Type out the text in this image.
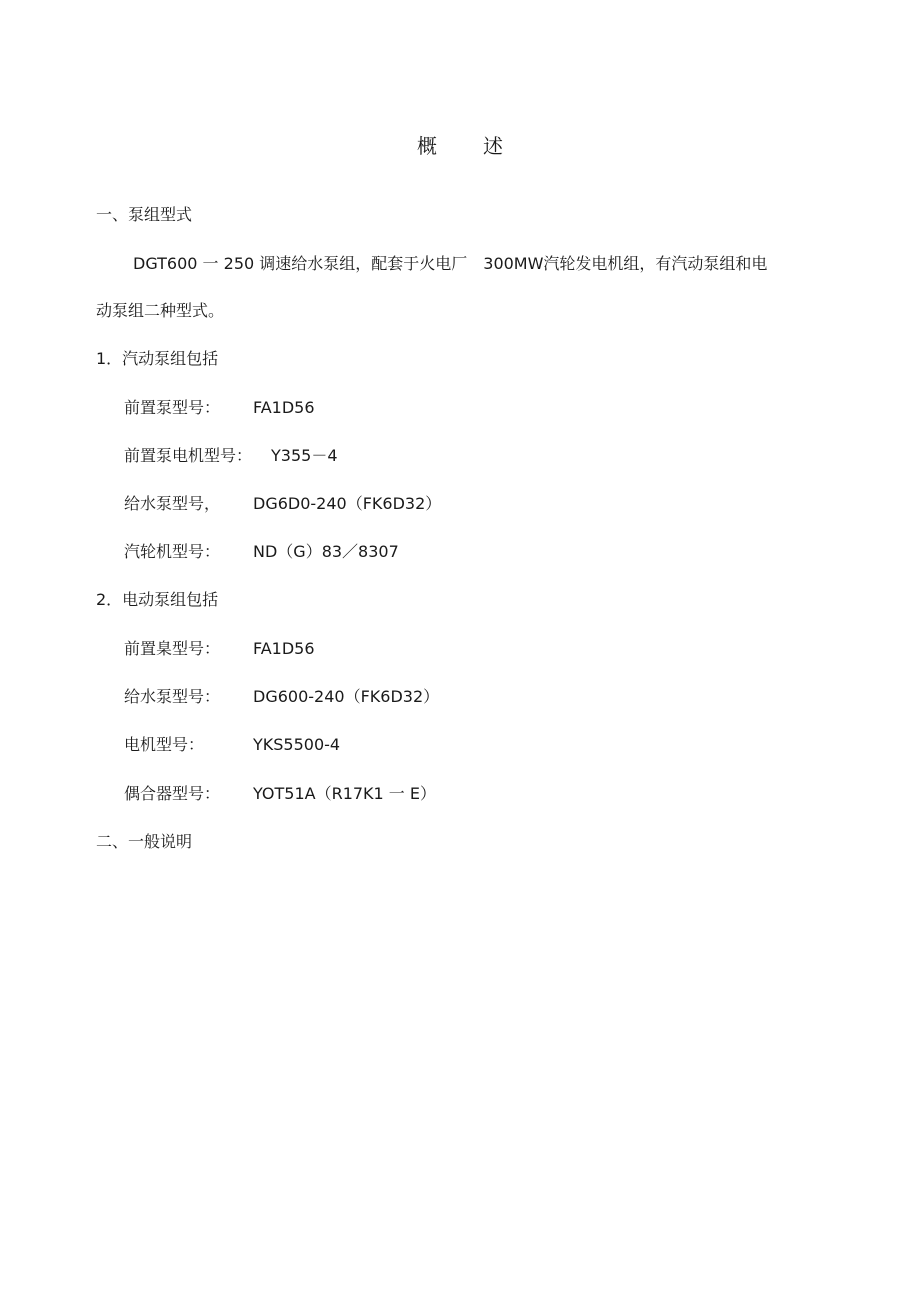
概 述
一、泵组型式
DGT600 一 250 调速给水泵组，配套于火电厂　300MW汽轮发电机组，有汽动泵组和电
动泵组二种型式。
1．汽动泵组包括
前置泵型号： FA1D56
前置泵电机型号： Y355－4
给水泵型号， DG6D0-240（FK6D32）
汽轮机型号： ND（G）83／8307
2．电动泵组包括
前置臬型号： FA1D56
给水泵型号： DG600-240（FK6D32）
电机型号：	YKS5500-4
偶合器型号： YOT51A（R17K1 一 E）
二、一般说明
